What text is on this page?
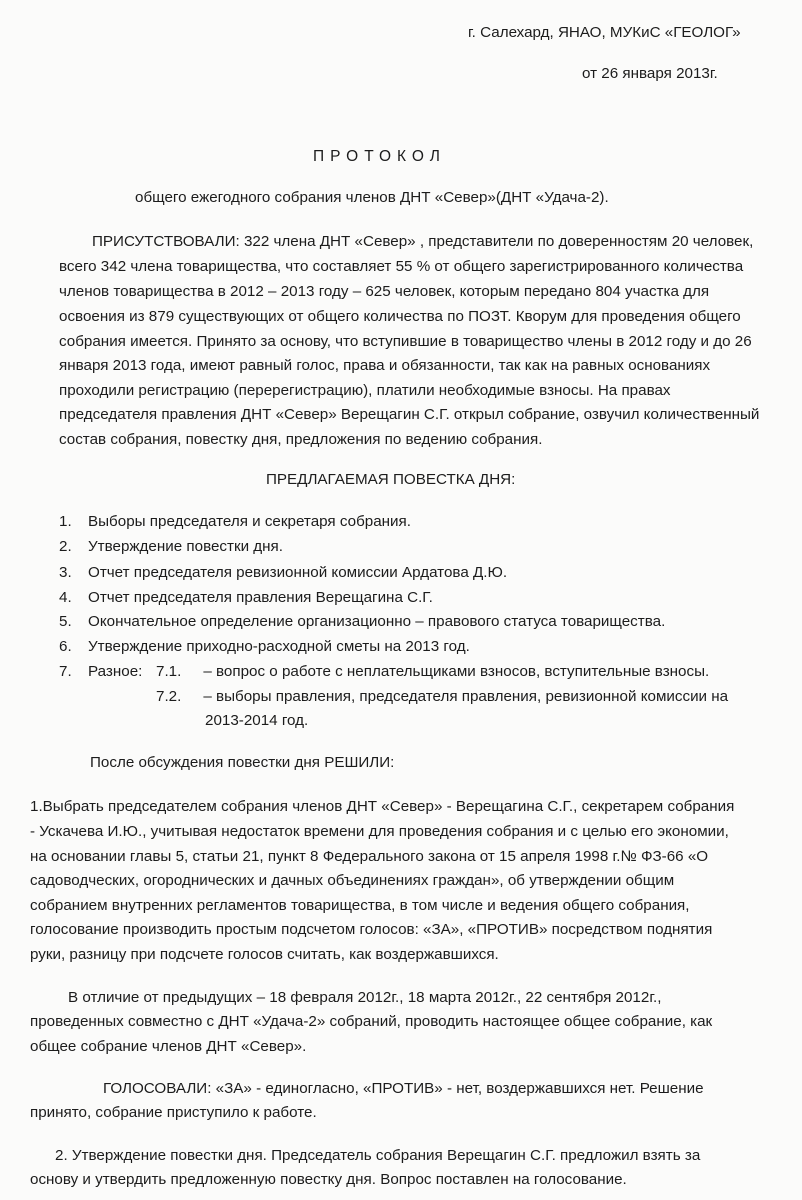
г. Салехард, ЯНАО, МУКиС «ГЕОЛОГ»
от 26 января 2013г.
ПРОТОКОЛ
общего ежегодного собрания членов ДНТ «Север»(ДНТ «Удача-2).
ПРИСУТСТВОВАЛИ: 322 члена ДНТ «Север» , представители по доверенностям 20 человек,
всего 342 члена товарищества, что составляет 55 % от общего зарегистрированного количества
членов товарищества в 2012 – 2013 году – 625 человек, которым передано 804 участка для
освоения из 879 существующих от общего количества по ПОЗТ. Кворум для проведения общего
собрания имеется. Принято за основу, что вступившие в товарищество члены в 2012 году и до 26
января 2013 года, имеют равный голос, права и обязанности, так как на равных основаниях
проходили регистрацию (перерегистрацию), платили необходимые взносы. На правах
председателя правления ДНТ «Север» Верещагин С.Г. открыл собрание, озвучил количественный
состав собрания, повестку дня, предложения по ведению собрания.
ПРЕДЛАГАЕМАЯ ПОВЕСТКА ДНЯ:
1. Выборы председателя и секретаря собрания.
2. Утверждение повестки дня.
3. Отчет председателя ревизионной комиссии Ардатова Д.Ю.
4. Отчет председателя правления Верещагина С.Г.
5. Окончательное определение организационно – правового статуса товарищества.
6. Утверждение приходно-расходной сметы на 2013 год.
7. Разное: 7.1. – вопрос о работе с неплательщиками взносов, вступительные взносы.
7.2. – выборы правления, председателя правления, ревизионной комиссии на
2013-2014 год.
После обсуждения повестки дня РЕШИЛИ:
1.Выбрать председателем собрания членов ДНТ «Север» - Верещагина С.Г., секретарем собрания
- Ускачева И.Ю., учитывая недостаток времени для проведения собрания и с целью его экономии,
на основании главы 5, статьи 21, пункт 8 Федерального закона от 15 апреля 1998 г.№ ФЗ-66 «О
садоводческих, огороднических и дачных объединениях граждан», об утверждении общим
собранием внутренних регламентов товарищества, в том числе и ведения общего собрания,
голосование производить простым подсчетом голосов: «ЗА», «ПРОТИВ» посредством поднятия
руки, разницу при подсчете голосов считать, как воздержавшихся.
В отличие от предыдущих – 18 февраля 2012г., 18 марта 2012г., 22 сентября 2012г.,
проведенных совместно с ДНТ «Удача-2» собраний, проводить настоящее общее собрание, как
общее собрание членов ДНТ «Север».
ГОЛОСОВАЛИ: «ЗА» - единогласно, «ПРОТИВ» - нет, воздержавшихся нет. Решение
принято, собрание приступило к работе.
2. Утверждение повестки дня. Председатель собрания Верещагин С.Г. предложил взять за
основу и утвердить предложенную повестку дня. Вопрос поставлен на голосование.
